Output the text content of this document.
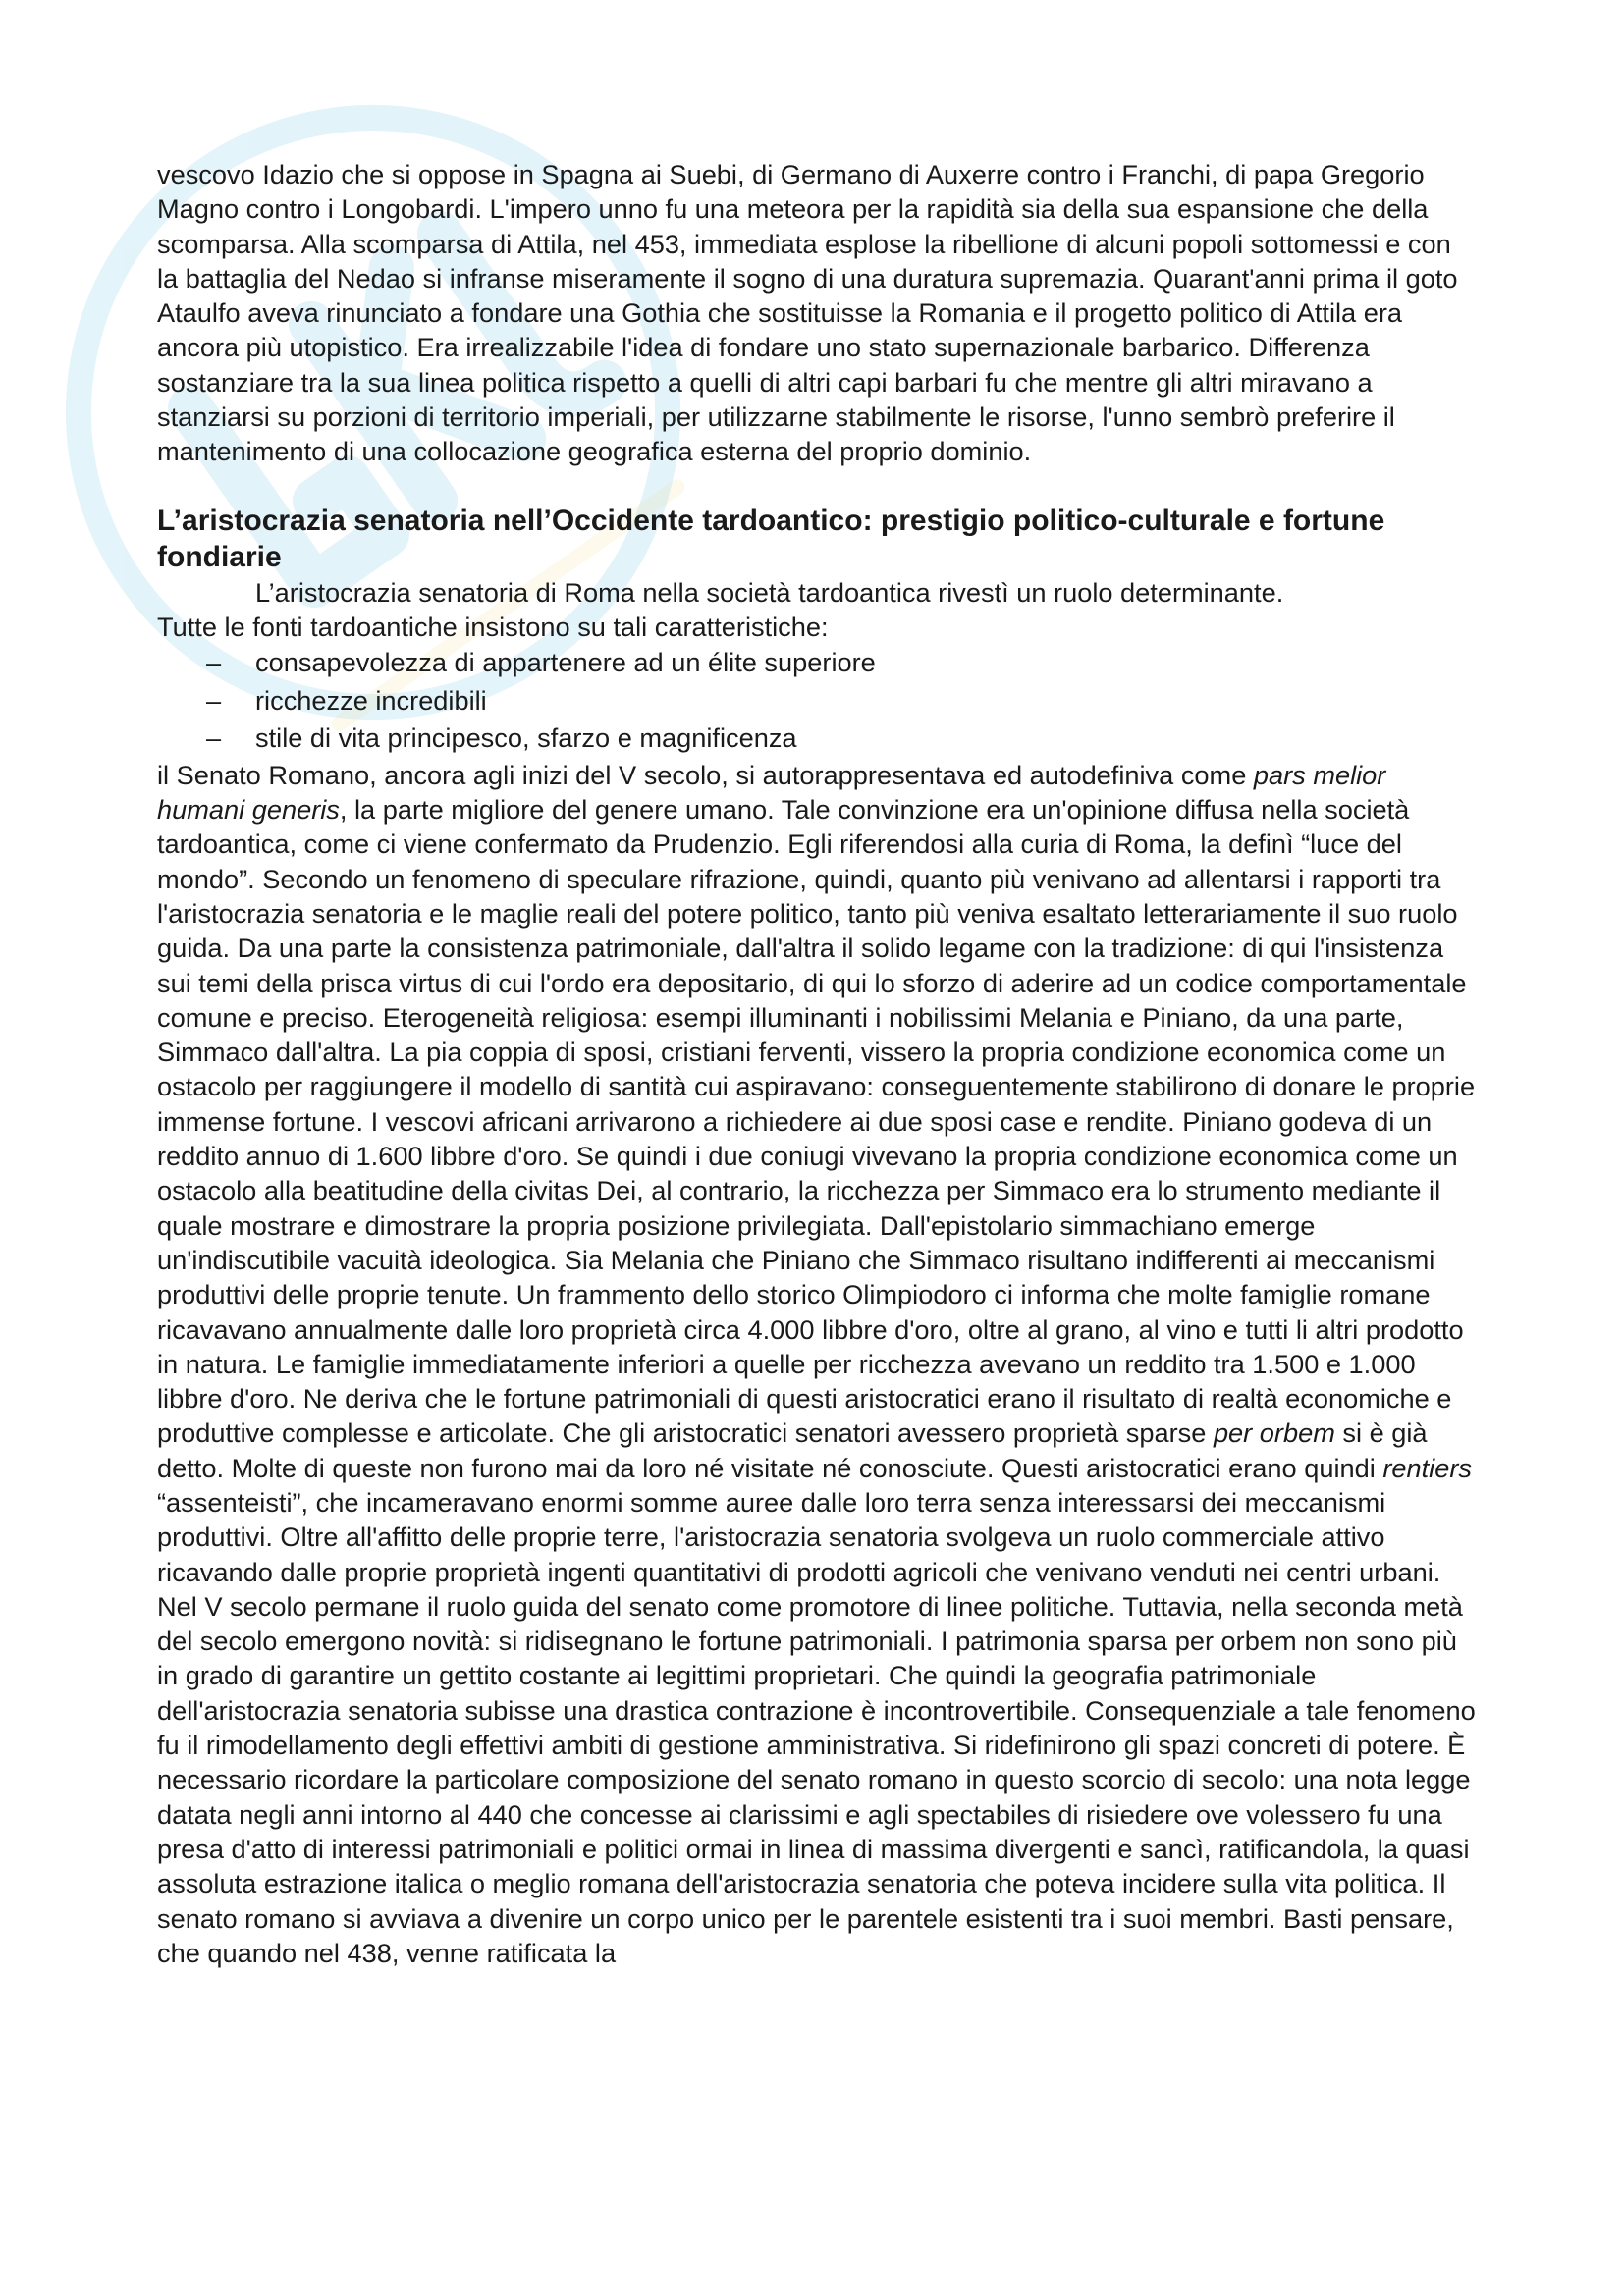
vescovo Idazio che si oppose in Spagna ai Suebi, di Germano di Auxerre contro i Franchi, di papa Gregorio Magno contro i Longobardi. L'impero unno fu una meteora per la rapidità sia della sua espansione che della scomparsa. Alla scomparsa di Attila, nel 453, immediata esplose la ribellione di alcuni popoli sottomessi e con la battaglia del Nedao si infranse miseramente il sogno di una duratura supremazia. Quarant'anni prima il goto Ataulfo aveva rinunciato a fondare una Gothia che sostituisse la Romania e il progetto politico di Attila era ancora più utopistico. Era irrealizzabile l'idea di fondare uno stato supernazionale barbarico. Differenza sostanziare tra la sua linea politica rispetto a quelli di altri capi barbari fu che mentre gli altri miravano a stanziarsi su porzioni di territorio imperiali, per utilizzarne stabilmente le risorse, l'unno sembrò preferire il mantenimento di una collocazione geografica esterna del proprio dominio.

L’aristocrazia senatoria nell’Occidente tardoantico: prestigio politico-culturale e fortune fondiarie

L’aristocrazia senatoria di Roma nella società tardoantica rivestì un ruolo determinante.

Tutte le fonti tardoantiche insistono su tali caratteristiche:

–	consapevolezza di appartenere ad un élite superiore
–	ricchezze incredibili
–	stile di vita principesco, sfarzo e magnificenza

il Senato Romano, ancora agli inizi del V secolo, si autorappresentava ed autodefiniva come pars melior humani generis, la parte migliore del genere umano. Tale convinzione era un'opinione diffusa nella società tardoantica, come ci viene confermato da Prudenzio. Egli riferendosi alla curia di Roma, la definì “luce del mondo”. Secondo un fenomeno di speculare rifrazione, quindi, quanto più venivano ad allentarsi i rapporti tra l'aristocrazia senatoria e le maglie reali del potere politico, tanto più veniva esaltato letterariamente il suo ruolo guida. Da una parte la consistenza patrimoniale, dall'altra il solido legame con la tradizione: di qui l'insistenza sui temi della prisca virtus di cui l'ordo era depositario, di qui lo sforzo di aderire ad un codice comportamentale comune e preciso. Eterogeneità religiosa: esempi illuminanti i nobilissimi Melania e Piniano, da una parte, Simmaco dall'altra. La pia coppia di sposi, cristiani ferventi, vissero la propria condizione economica come un ostacolo per raggiungere il modello di santità cui aspiravano: conseguentemente stabilirono di donare le proprie immense fortune. I vescovi africani arrivarono a richiedere ai due sposi case e rendite. Piniano godeva di un reddito annuo di 1.600 libbre d'oro. Se quindi i due coniugi vivevano la propria condizione economica come un ostacolo alla beatitudine della civitas Dei, al contrario, la ricchezza per Simmaco era lo strumento mediante il quale mostrare e dimostrare la propria posizione privilegiata. Dall'epistolario simmachiano emerge un'indiscutibile vacuità ideologica. Sia Melania che Piniano che Simmaco risultano indifferenti ai meccanismi produttivi delle proprie tenute. Un frammento dello storico Olimpiodoro ci informa che molte famiglie romane ricavavano annualmente dalle loro proprietà circa 4.000 libbre d'oro, oltre al grano, al vino e tutti li altri prodotto in natura. Le famiglie immediatamente inferiori a quelle per ricchezza avevano un reddito tra 1.500 e 1.000 libbre d'oro. Ne deriva che le fortune patrimoniali di questi aristocratici erano il risultato di realtà economiche e produttive complesse e articolate. Che gli aristocratici senatori avessero proprietà sparse per orbem si è già detto. Molte di queste non furono mai da loro né visitate né conosciute. Questi aristocratici erano quindi rentiers “assenteisti”, che incameravano enormi somme auree dalle loro terra senza interessarsi dei meccanismi produttivi. Oltre all'affitto delle proprie terre, l'aristocrazia senatoria svolgeva un ruolo commerciale attivo ricavando dalle proprie proprietà ingenti quantitativi di prodotti agricoli che venivano venduti nei centri urbani. Nel V secolo permane il ruolo guida del senato come promotore di linee politiche. Tuttavia, nella seconda metà del secolo emergono novità: si ridisegnano le fortune patrimoniali. I patrimonia sparsa per orbem non sono più in grado di garantire un gettito costante ai legittimi proprietari. Che quindi la geografia patrimoniale dell'aristocrazia senatoria subisse una drastica contrazione è incontrovertibile. Consequenziale a tale fenomeno fu il rimodellamento degli effettivi ambiti di gestione amministrativa. Si ridefinirono gli spazi concreti di potere. È necessario ricordare la particolare composizione del senato romano in questo scorcio di secolo: una nota legge datata negli anni intorno al 440 che concesse ai clarissimi e agli spectabiles di risiedere ove volessero fu una presa d'atto di interessi patrimoniali e politici ormai in linea di massima divergenti e sancì, ratificandola, la quasi assoluta estrazione italica o meglio romana dell'aristocrazia senatoria che poteva incidere sulla vita politica. Il senato romano si avviava a divenire un corpo unico per le parentele esistenti tra i suoi membri. Basti pensare, che quando nel 438, venne ratificata la
